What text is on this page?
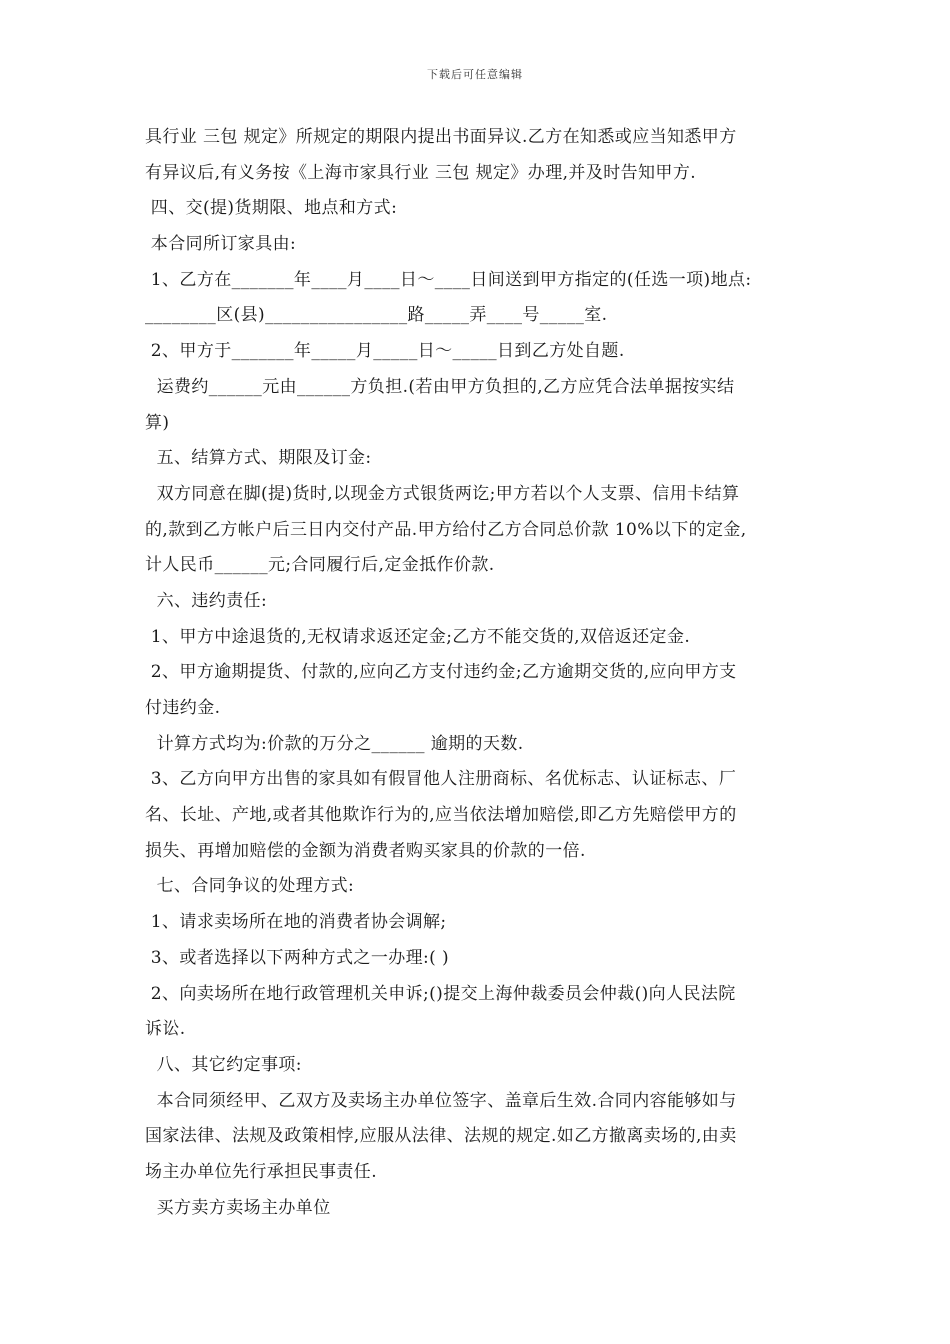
下载后可任意编辑
具行业 三包 规定》所规定的期限内提出书面异议.乙方在知悉或应当知悉甲方
有异议后,有义务按《上海市家具行业 三包 规定》办理,并及时告知甲方.
四、交(提)货期限、地点和方式:
本合同所订家具由:
1、乙方在_______年____月____日～____日间送到甲方指定的(任选一项)地点:
________区(县)________________路_____弄____号_____室.
2、甲方于_______年_____月_____日～_____日到乙方处自题.
运费约______元由______方负担.(若由甲方负担的,乙方应凭合法单据按实结
算)
五、结算方式、期限及订金:
双方同意在脚(提)货时,以现金方式银货两讫;甲方若以个人支票、信用卡结算
的,款到乙方帐户后三日内交付产品.甲方给付乙方合同总价款 10%以下的定金,
计人民币______元;合同履行后,定金抵作价款.
六、违约责任:
1、甲方中途退货的,无权请求返还定金;乙方不能交货的,双倍返还定金.
2、甲方逾期提货、付款的,应向乙方支付违约金;乙方逾期交货的,应向甲方支
付违约金.
计算方式均为:价款的万分之______ 逾期的天数.
3、乙方向甲方出售的家具如有假冒他人注册商标、名优标志、认证标志、厂
名、长址、产地,或者其他欺诈行为的,应当依法增加赔偿,即乙方先赔偿甲方的
损失、再增加赔偿的金额为消费者购买家具的价款的一倍.
七、合同争议的处理方式:
1、请求卖场所在地的消费者协会调解;
3、或者选择以下两种方式之一办理:( )
2、向卖场所在地行政管理机关申诉;()提交上海仲裁委员会仲裁()向人民法院
诉讼.
八、其它约定事项:
本合同须经甲、乙双方及卖场主办单位签字、盖章后生效.合同内容能够如与
国家法律、法规及政策相悖,应服从法律、法规的规定.如乙方撤离卖场的,由卖
场主办单位先行承担民事责任.
买方卖方卖场主办单位
